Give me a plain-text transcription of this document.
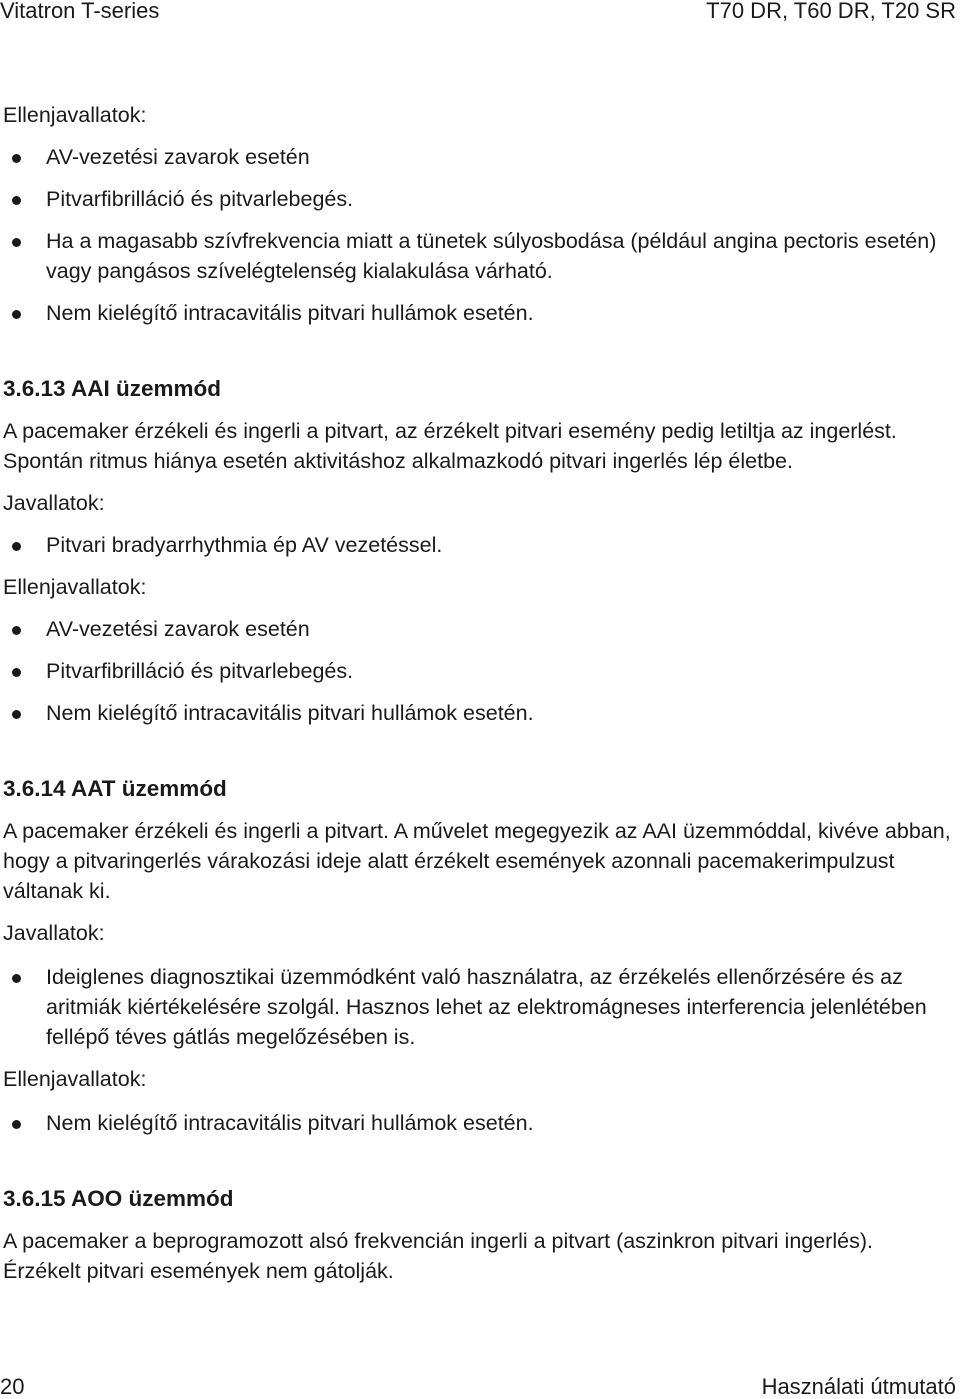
Vitatron T-series	T70 DR, T60 DR, T20 SR

Ellenjavallatok:

AV-vezetési zavarok esetén
Pitvarfibrilláció és pitvarlebegés.
Ha a magasabb szívfrekvencia miatt a tünetek súlyosbodása (például angina pectoris esetén) vagy pangásos szívelégtelenség kialakulása várható.
Nem kielégítő intracavitális pitvari hullámok esetén.
3.6.13 AAI üzemmód

A pacemaker érzékeli és ingerli a pitvart, az érzékelt pitvari esemény pedig letiltja az ingerlést. Spontán ritmus hiánya esetén aktivitáshoz alkalmazkodó pitvari ingerlés lép életbe.

Javallatok:

Pitvari bradyarrhythmia ép AV vezetéssel.

Ellenjavallatok:

AV-vezetési zavarok esetén
Pitvarfibrilláció és pitvarlebegés.
Nem kielégítő intracavitális pitvari hullámok esetén.
3.6.14 AAT üzemmód

A pacemaker érzékeli és ingerli a pitvart. A művelet megegyezik az AAI üzemmóddal, kivéve abban, hogy a pitvaringerlés várakozási ideje alatt érzékelt események azonnali pacemakerimpulzust váltanak ki.

Javallatok:

Ideiglenes diagnosztikai üzemmódként való használatra, az érzékelés ellenőrzésére és az aritmiák kiértékelésére szolgál. Hasznos lehet az elektromágneses interferencia jelenlétében fellépő téves gátlás megelőzésében is.

Ellenjavallatok:

Nem kielégítő intracavitális pitvari hullámok esetén.
3.6.15 AOO üzemmód

A pacemaker a beprogramozott alsó frekvencián ingerli a pitvart (aszinkron pitvari ingerlés). Érzékelt pitvari események nem gátolják.

20	Használati útmutató
